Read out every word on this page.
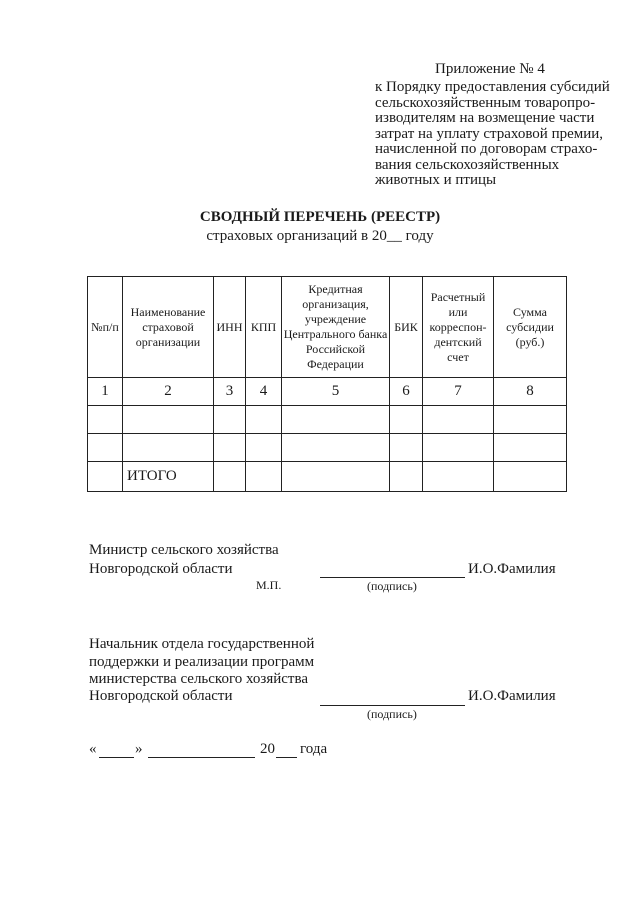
Приложение № 4
к Порядку предоставления субсидий
сельскохозяйственным товаропро-
изводителям на возмещение части
затрат на уплату страховой премии,
начисленной по договорам страхо-
вания сельскохозяйственных
животных и птицы
СВОДНЫЙ ПЕРЕЧЕНЬ (РЕЕСТР)
страховых организаций в 20__ году
№п/п	Наименование страховой организации	ИНН	КПП	Кредитная организация, учреждение Центрального банка Российской Федерации	БИК	Расчетный или корреспон-дентский счет	Сумма субсидии (руб.)
1	2	3	4	5	6	7	8

	ИТОГО						
Министр сельского хозяйства
Новгородской области
М.П.	(подпись)
И.О.Фамилия
Начальник отдела государственной
поддержки и реализации программ
министерства сельского хозяйства
Новгородской области
(подпись)
И.О.Фамилия
«	»	20 года
